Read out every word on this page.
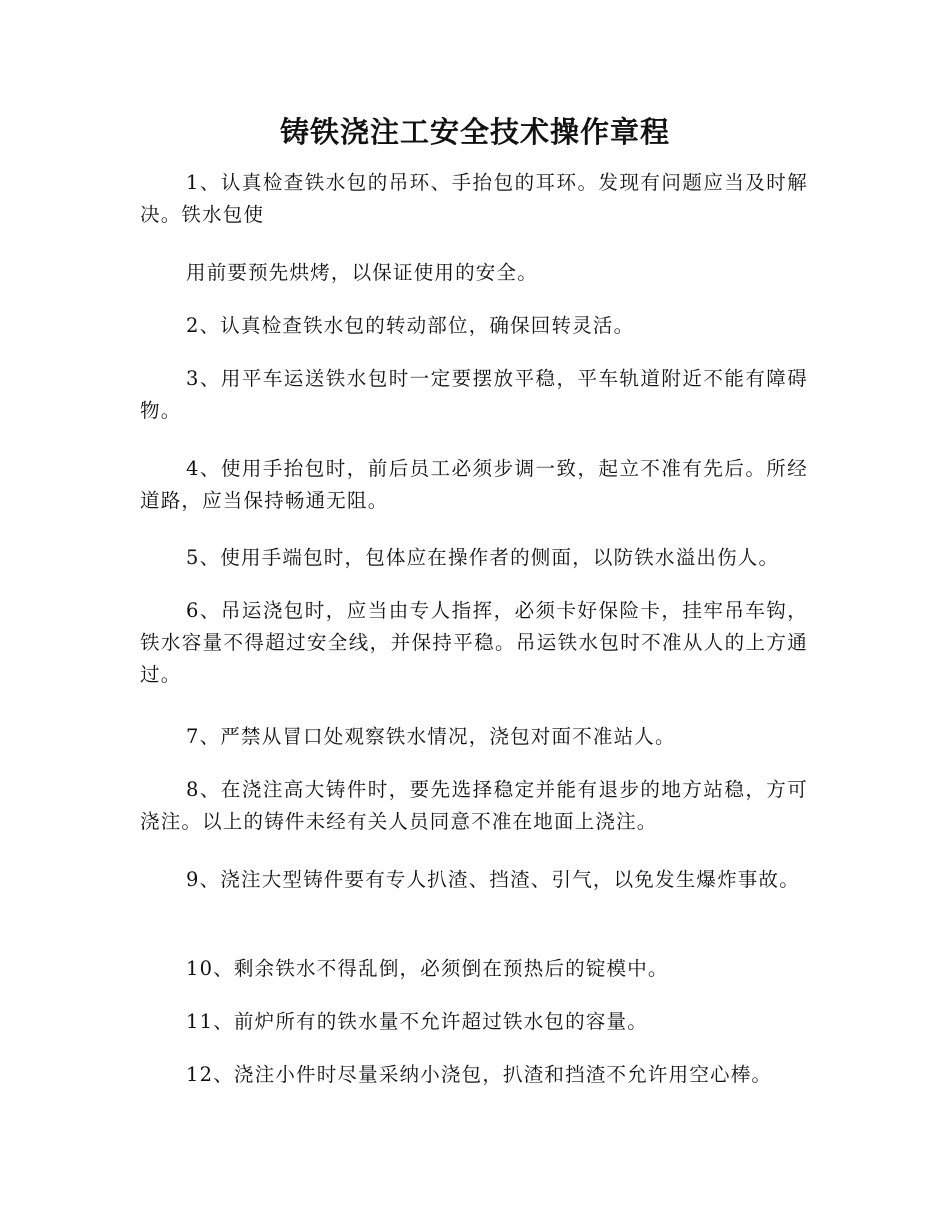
铸铁浇注工安全技术操作章程

1、认真检查铁水包的吊环、手抬包的耳环。发现有问题应当及时解决。铁水包使

用前要预先烘烤，以保证使用的安全。

2、认真检查铁水包的转动部位，确保回转灵活。

3、用平车运送铁水包时一定要摆放平稳，平车轨道附近不能有障碍物。

4、使用手抬包时，前后员工必须步调一致，起立不准有先后。所经道路，应当保持畅通无阻。

5、使用手端包时，包体应在操作者的侧面，以防铁水溢出伤人。

6、吊运浇包时，应当由专人指挥，必须卡好保险卡，挂牢吊车钩，铁水容量不得超过安全线，并保持平稳。吊运铁水包时不准从人的上方通过。

7、严禁从冒口处观察铁水情况，浇包对面不准站人。

8、在浇注高大铸件时，要先选择稳定并能有退步的地方站稳，方可浇注。以上的铸件未经有关人员同意不准在地面上浇注。

9、浇注大型铸件要有专人扒渣、挡渣、引气，以免发生爆炸事故。

10、剩余铁水不得乱倒，必须倒在预热后的锭模中。

11、前炉所有的铁水量不允许超过铁水包的容量。

12、浇注小件时尽量采纳小浇包，扒渣和挡渣不允许用空心棒。
